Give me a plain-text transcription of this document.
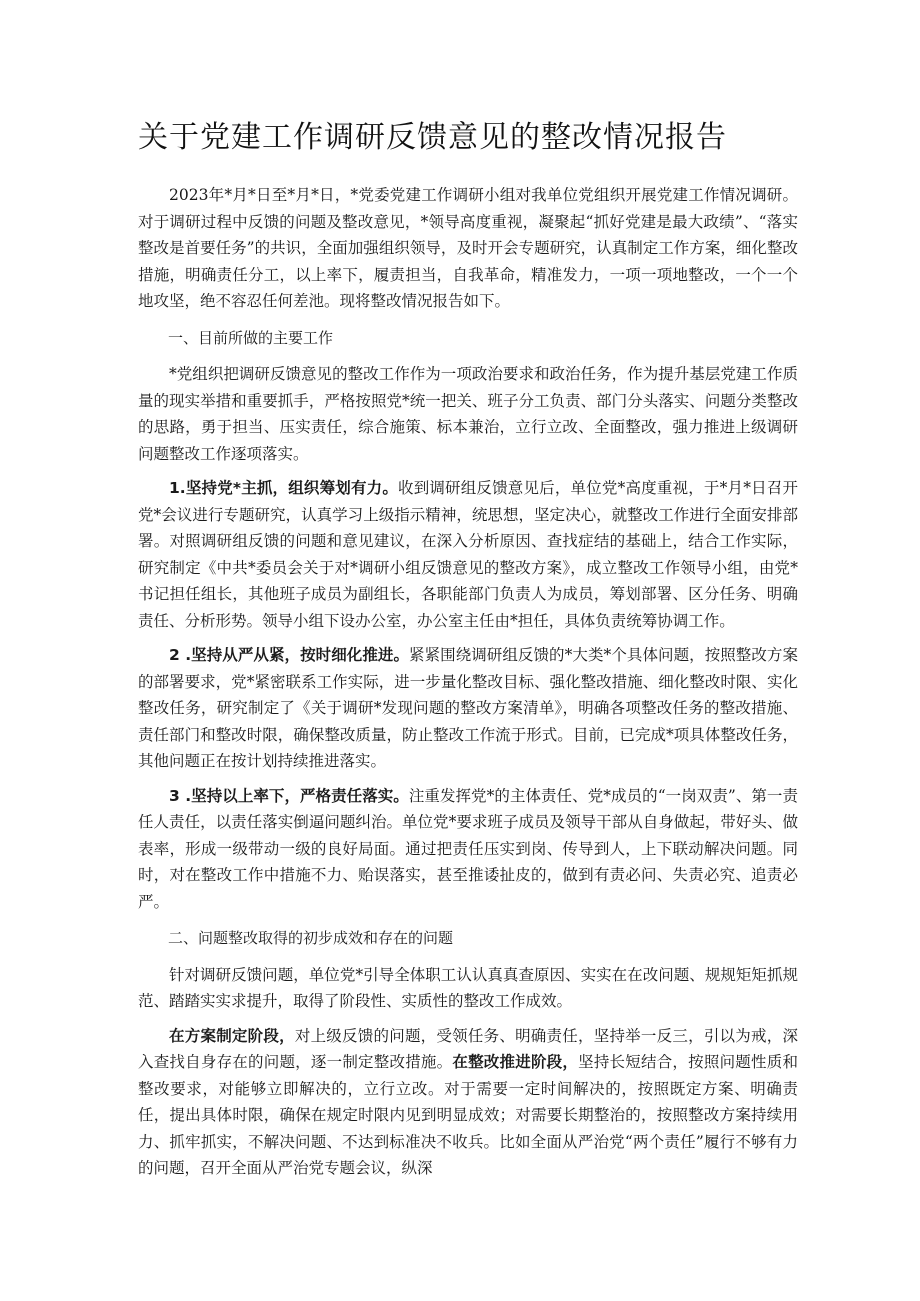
关于党建工作调研反馈意见的整改情况报告

2023年*月*日至*月*日，*党委党建工作调研小组对我单位党组织开展党建工作情况调研。对于调研过程中反馈的问题及整改意见，*领导高度重视，凝聚起“抓好党建是最大政绩”、“落实整改是首要任务”的共识，全面加强组织领导，及时开会专题研究，认真制定工作方案，细化整改措施，明确责任分工，以上率下，履责担当，自我革命，精准发力，一项一项地整改，一个一个地攻坚，绝不容忍任何差池。现将整改情况报告如下。

一、目前所做的主要工作

*党组织把调研反馈意见的整改工作作为一项政治要求和政治任务，作为提升基层党建工作质量的现实举措和重要抓手，严格按照党*统一把关、班子分工负责、部门分头落实、问题分类整改的思路，勇于担当、压实责任，综合施策、标本兼治，立行立改、全面整改，强力推进上级调研问题整改工作逐项落实。

1.坚持党*主抓，组织筹划有力。收到调研组反馈意见后，单位党*高度重视，于*月*日召开党*会议进行专题研究，认真学习上级指示精神，统思想，坚定决心，就整改工作进行全面安排部署。对照调研组反馈的问题和意见建议，在深入分析原因、查找症结的基础上，结合工作实际，研究制定《中共*委员会关于对*调研小组反馈意见的整改方案》，成立整改工作领导小组，由党*书记担任组长，其他班子成员为副组长，各职能部门负责人为成员，筹划部署、区分任务、明确责任、分析形势。领导小组下设办公室，办公室主任由*担任，具体负责统筹协调工作。

2 .坚持从严从紧，按时细化推进。紧紧围绕调研组反馈的*大类*个具体问题，按照整改方案的部署要求，党*紧密联系工作实际，进一步量化整改目标、强化整改措施、细化整改时限、实化整改任务，研究制定了《关于调研*发现问题的整改方案清单》，明确各项整改任务的整改措施、责任部门和整改时限，确保整改质量，防止整改工作流于形式。目前，已完成*项具体整改任务，其他问题正在按计划持续推进落实。

3 .坚持以上率下，严格责任落实。注重发挥党*的主体责任、党*成员的“一岗双责”、第一责任人责任，以责任落实倒逼问题纠治。单位党*要求班子成员及领导干部从自身做起，带好头、做表率，形成一级带动一级的良好局面。通过把责任压实到岗、传导到人，上下联动解决问题。同时，对在整改工作中措施不力、贻误落实，甚至推诿扯皮的，做到有责必问、失责必究、追责必严。

二、问题整改取得的初步成效和存在的问题

针对调研反馈问题，单位党*引导全体职工认认真真查原因、实实在在改问题、规规矩矩抓规范、踏踏实实求提升，取得了阶段性、实质性的整改工作成效。

在方案制定阶段，对上级反馈的问题，受领任务、明确责任，坚持举一反三，引以为戒，深入查找自身存在的问题，逐一制定整改措施。在整改推进阶段，坚持长短结合，按照问题性质和整改要求，对能够立即解决的，立行立改。对于需要一定时间解决的，按照既定方案、明确责任，提出具体时限，确保在规定时限内见到明显成效；对需要长期整治的，按照整改方案持续用力、抓牢抓实，不解决问题、不达到标准决不收兵。比如全面从严治党“两个责任”履行不够有力的问题，召开全面从严治党专题会议，纵深
